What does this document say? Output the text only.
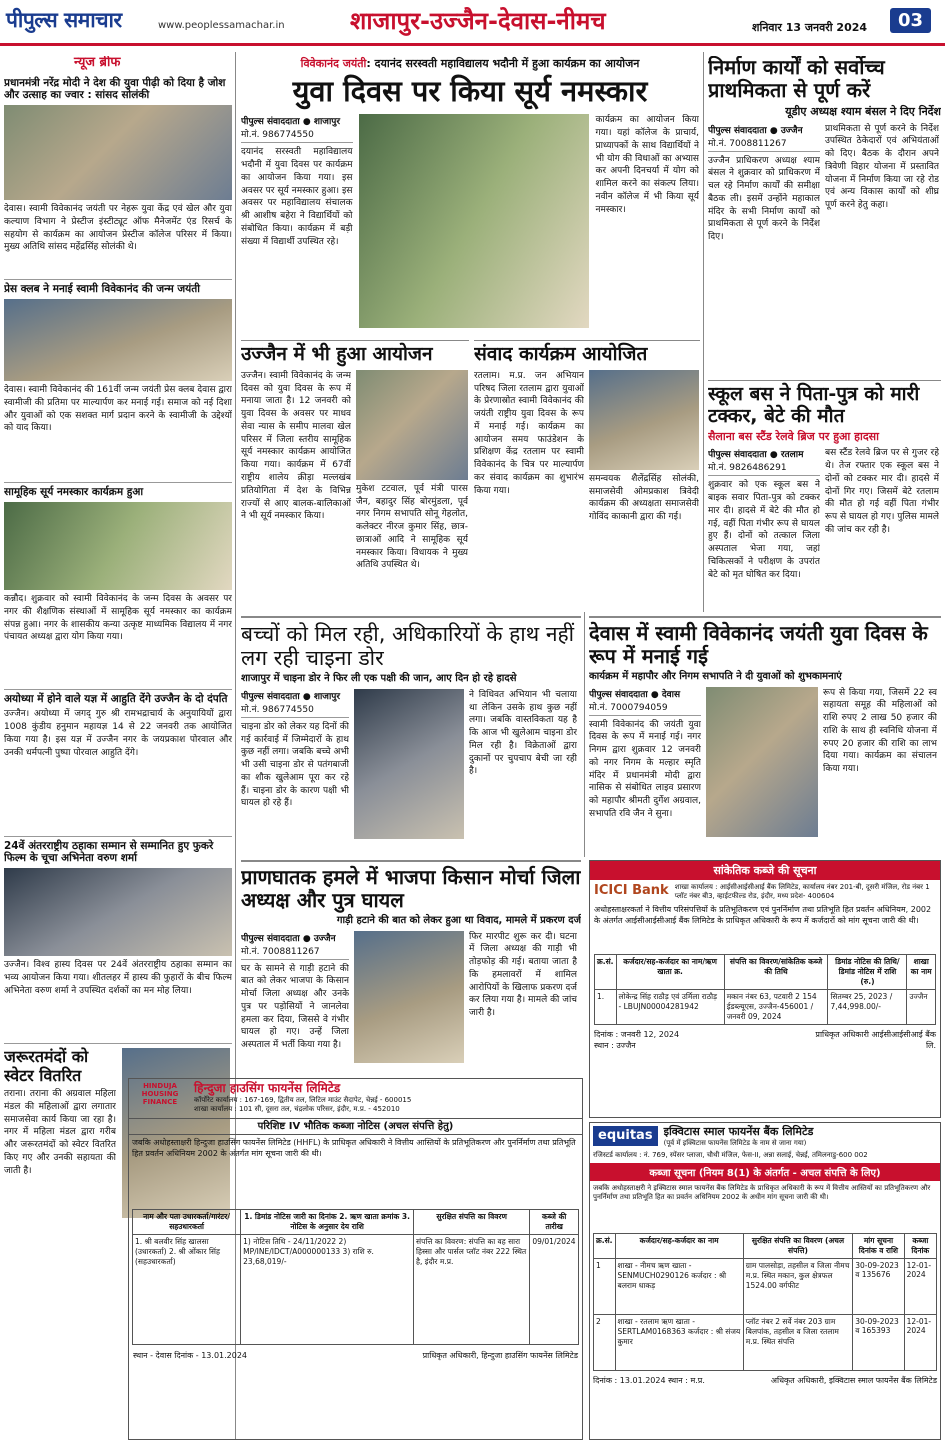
पीपुल्स समाचार	www.peoplessamachar.in	शाजापुर-उज्जैन-देवास-नीमच	शनिवार 13 जनवरी 2024	03
न्यूज ब्रीफ
प्रधानमंत्री नरेंद्र मोदी ने देश की युवा पीढ़ी को दिया है जोश और उत्साह का ज्वार : सांसद सोलंकी
देवास। स्वामी विवेकानंद जयंती पर नेहरू युवा केंद्र एवं खेल और युवा कल्याण विभाग ने प्रेस्टीज इंस्टीट्यूट ऑफ मैनेजमेंट एंड रिसर्च के सहयोग से कार्यक्रम का आयोजन प्रेस्टीज कॉलेज परिसर में किया। मुख्य अतिथि सांसद महेंद्रसिंह सोलंकी थे।
प्रेस क्लब ने मनाई स्वामी विवेकानंद की जन्म जयंती
देवास। स्वामी विवेकानंद की 161वीं जन्म जयंती प्रेस क्लब देवास द्वारा स्वामीजी की प्रतिमा पर माल्यार्पण कर मनाई गई। समाज को नई दिशा और युवाओं को एक सशक्त मार्ग प्रदान करने के स्वामीजी के उद्देश्यों को याद किया।
सामूहिक सूर्य नमस्कार कार्यक्रम हुआ
कन्नौद। शुक्रवार को स्वामी विवेकानंद के जन्म दिवस के अवसर पर नगर की शैक्षणिक संस्थाओं में सामूहिक सूर्य नमस्कार का कार्यक्रम संपन्न हुआ। नगर के शासकीय कन्या उत्कृष्ट माध्यमिक विद्यालय में नगर पंचायत अध्यक्ष द्वारा योग किया गया।
अयोध्या में होने वाले यज्ञ में आहुति देंगे उज्जैन के दो दंपति
उज्जैन। अयोध्या में जगद् गुरु श्री रामभद्राचार्य के अनुयायियों द्वारा 1008 कुंडीय हनुमान महायज्ञ 14 से 22 जनवरी तक आयोजित किया गया है। इस यज्ञ में उज्जैन नगर के जयप्रकाश पोरवाल और उनकी धर्मपत्नी पुष्पा पोरवाल आहुति देंगे।
24वें अंतरराष्ट्रीय ठहाका सम्मान से सम्मानित हुए फुकरे फिल्म के चूचा अभिनेता वरुण शर्मा
उज्जैन। विश्व हास्य दिवस पर 24वें अंतरराष्ट्रीय ठहाका सम्मान का भव्य आयोजन किया गया। शीतलहर में हास्य की फुहारों के बीच फिल्म अभिनेता वरुण शर्मा ने उपस्थित दर्शकों का मन मोह लिया।
जरूरतमंदों को स्वेटर वितरित
तराना। तराना की अग्रवाल महिला मंडल की महिलाओं द्वारा लगातार समाजसेवा कार्य किया जा रहा है। नगर में महिला मंडल द्वारा गरीब और जरूरतमंदों को स्वेटर वितरित किए गए और उनकी सहायता की जाती है।
विवेकानंद जयंती: दयानंद सरस्वती महाविद्यालय भदौनी में हुआ कार्यक्रम का आयोजन
युवा दिवस पर किया सूर्य नमस्कार
पीपुल्स संवाददाता ● शाजापुर
मो.नं. 986774550
दयानंद सरस्वती महाविद्यालय भदौनी में युवा दिवस पर कार्यक्रम का आयोजन किया गया। इस अवसर पर सूर्य नमस्कार हुआ। इस अवसर पर महाविद्यालय संचालक श्री आशीष बहेरा ने विद्यार्थियों को संबोधित किया। कार्यक्रम में बड़ी संख्या में विद्यार्थी उपस्थित रहे।
कार्यक्रम का आयोजन किया गया। यहां कॉलेज के प्राचार्य, प्राध्यापकों के साथ विद्यार्थियों ने भी योग की विधाओं का अभ्यास कर अपनी दिनचर्या में योग को शामिल करने का संकल्प लिया। नवीन कॉलेज में भी किया सूर्य नमस्कार।
उज्जैन में भी हुआ आयोजन
उज्जैन। स्वामी विवेकानंद के जन्म दिवस को युवा दिवस के रूप में मनाया जाता है। 12 जनवरी को युवा दिवस के अवसर पर माधव सेवा न्यास के समीप मालवा खेल परिसर में जिला स्तरीय सामूहिक सूर्य नमस्कार कार्यक्रम आयोजित किया गया। कार्यक्रम में 67वीं राष्ट्रीय शालेय क्रीड़ा मल्लखंब प्रतियोगिता में देश के विभिन्न राज्यों से आए बालक-बालिकाओं ने भी सूर्य नमस्कार किया।
मुकेश टटवाल, पूर्व मंत्री पारस जैन, बहादुर सिंह बोरमुंडला, पूर्व नगर निगम सभापति सोनू गेहलोत, कलेक्टर नीरज कुमार सिंह, छात्र-छात्राओं आदि ने सामूहिक सूर्य नमस्कार किया। विधायक ने मुख्य अतिथि उपस्थित थे।
संवाद कार्यक्रम आयोजित
रतलाम। म.प्र. जन अभियान परिषद जिला रतलाम द्वारा युवाओं के प्रेरणास्रोत स्वामी विवेकानंद की जयंती राष्ट्रीय युवा दिवस के रूप में मनाई गई। कार्यक्रम का आयोजन समय फाउंडेशन के प्रशिक्षण केंद्र रतलाम पर स्वामी विवेकानंद के चित्र पर माल्यार्पण कर संवाद कार्यक्रम का शुभारंभ किया गया।
समन्वयक शैलेंद्रसिंह सोलंकी, समाजसेवी ओमप्रकाश त्रिवेदी कार्यक्रम की अध्यक्षता समाजसेवी गोविंद काकानी द्वारा की गई।
निर्माण कार्यों को सर्वोच्च प्राथमिकता से पूर्ण करें
यूडीए अध्यक्ष श्याम बंसल ने दिए निर्देश
पीपुल्स संवाददाता ● उज्जैन
मो.नं. 7008811267
उज्जैन प्राधिकरण अध्यक्ष श्याम बंसल ने शुक्रवार को प्राधिकरण में चल रहे निर्माण कार्यों की समीक्षा बैठक ली। इसमें उन्होंने महाकाल मंदिर के सभी निर्माण कार्यों को प्राथमिकता से पूर्ण करने के निर्देश दिए।
प्राथमिकता से पूर्ण करने के निर्देश उपस्थित ठेकेदारों एवं अभियंताओं को दिए। बैठक के दौरान अपने त्रिवेणी विहार योजना में प्रस्तावित योजना में निर्माण किया जा रहे रोड एवं अन्य विकास कार्यों को शीघ्र पूर्ण करने हेतु कहा।
स्कूल बस ने पिता-पुत्र को मारी टक्कर, बेटे की मौत
सैलाना बस स्टैंड रेलवे ब्रिज पर हुआ हादसा
पीपुल्स संवाददाता ● रतलाम
मो.नं. 9826486291
शुक्रवार को एक स्कूल बस ने बाइक सवार पिता-पुत्र को टक्कर मार दी। हादसे में बेटे की मौत हो गई, वहीं पिता गंभीर रूप से घायल हुए हैं। दोनों को तत्काल जिला अस्पताल भेजा गया, जहां चिकित्सकों ने परीक्षण के उपरांत बेटे को मृत घोषित कर दिया।
बस स्टैंड रेलवे ब्रिज पर से गुजर रहे थे। तेज रफ्तार एक स्कूल बस ने दोनों को टक्कर मार दी। हादसे में दोनों गिर गए। जिसमें बेटे रतलाम की मौत हो गई वहीं पिता गंभीर रूप से घायल हो गए। पुलिस मामले की जांच कर रही है।
बच्चों को मिल रही, अधिकारियों के हाथ नहीं लग रही चाइना डोर
शाजापुर में चाइना डोर ने फिर ली एक पक्षी की जान, आए दिन हो रहे हादसे
पीपुल्स संवाददाता ● शाजापुर
मो.नं. 986774550
चाइना डोर को लेकर यह दिनों की गई कार्रवाई में जिम्मेदारों के हाथ कुछ नहीं लगा। जबकि बच्चे अभी भी उसी चाइना डोर से पतंगबाजी का शौक खुलेआम पूरा कर रहे हैं। चाइना डोर के कारण पक्षी भी घायल हो रहे हैं।
ने विधिवत अभियान भी चलाया था लेकिन उसके हाथ कुछ नहीं लगा। जबकि वास्तविकता यह है कि आज भी खुलेआम चाइना डोर मिल रही है। विक्रेताओं द्वारा दुकानों पर चुपचाप बेची जा रही है।
देवास में स्वामी विवेकानंद जयंती युवा दिवस के रूप में मनाई गई
कार्यक्रम में महापौर और निगम सभापति ने दी युवाओं को शुभकामनाएं
पीपुल्स संवाददाता ● देवास
मो.नं. 7000794059
स्वामी विवेकानंद की जयंती युवा दिवस के रूप में मनाई गई। नगर निगम द्वारा शुक्रवार 12 जनवरी को नगर निगम के मल्हार स्मृति मंदिर में प्रधानमंत्री मोदी द्वारा नासिक से संबोधित लाइव प्रसारण को महापौर श्रीमती दुर्गेश अग्रवाल, सभापति रवि जैन ने सुना।
रूप से किया गया, जिसमें 22 स्व सहायता समूह की महिलाओं को राशि रुपए 2 लाख 50 हजार की राशि के साथ ही स्वनिधि योजना में रुपए 20 हजार की राशि का लाभ दिया गया। कार्यक्रम का संचालन किया गया।
प्राणघातक हमले में भाजपा किसान मोर्चा जिला अध्यक्ष और पुत्र घायल
गाड़ी हटाने की बात को लेकर हुआ था विवाद, मामले में प्रकरण दर्ज
पीपुल्स संवाददाता ● उज्जैन
मो.नं. 7008811267
घर के सामने से गाड़ी हटाने की बात को लेकर भाजपा के किसान मोर्चा जिला अध्यक्ष और उनके पुत्र पर पड़ोसियों ने जानलेवा हमला कर दिया, जिससे वे गंभीर घायल हो गए। उन्हें जिला अस्पताल में भर्ती किया गया है।
फिर मारपीट शुरू कर दी। घटना में जिला अध्यक्ष की गाड़ी भी तोड़फोड़ की गई। बताया जाता है कि हमलावरों में शामिल आरोपियों के खिलाफ प्रकरण दर्ज कर लिया गया है। मामले की जांच जारी है।
सांकेतिक कब्जे की सूचना
ICICI Bank शाखा कार्यालय : आईसीआईसीआई बैंक लिमिटेड, कार्यालय नंबर 201-बी, दूसरी मंजिल, रोड नंबर 1 प्लॉट नंबर बी3, व्हाईटफील्ड रोड, इंदौर, मध्य प्रदेश- 400604
अधोहस्ताक्षरकर्ता ने वित्तीय परिसंपत्तियों के प्रतिभूतिकरण एवं पुनर्निर्माण तथा प्रतिभूति हित प्रवर्तन अधिनियम, 2002 के अंतर्गत आईसीआईसीआई बैंक लिमिटेड के प्राधिकृत अधिकारी के रूप में कर्जदारों को मांग सूचना जारी की थी।
क्र.सं.	कर्जदार/सह-कर्जदार का नाम/ऋण खाता क्र.	संपत्ति का विवरण/सांकेतिक कब्जे की तिथि	डिमांड नोटिस की तिथि/डिमांड नोटिस में राशि (रु.)	शाखा का नाम
1.	लोकेन्द्र सिंह राठौड़ एवं उर्मिला राठौड़ - LBUJN00004281942	मकान नंबर 63, पटवारी 2 154 ईडब्ल्यूएस, उज्जैन-456001 / जनवरी 09, 2024	सितम्बर 25, 2023 / 7,44,998.00/-	उज्जैन
दिनांक : जनवरी 12, 2024
स्थान : उज्जैन
प्राधिकृत अधिकारी आईसीआईसीआई बैंक लि.
HINDUJA HOUSING FINANCE
हिन्दुजा हाउसिंग फायनेंस लिमिटेड
कॉर्पोरेट कार्यालय : 167-169, द्वितीय तल, लिटिल माउंट सैदापेट, चेन्नई - 600015
शाखा कार्यालय : 101 सी, दूसरा तल, चंद्रलोक परिसर, इंदौर, म.प्र. - 452010
परिशिष्ट IV भौतिक कब्जा नोटिस (अचल संपत्ति हेतु)
जबकि अधोहस्ताक्षरी हिन्दुजा हाउसिंग फायनेंस लिमिटेड (HHFL) के प्राधिकृत अधिकारी ने वित्तीय आस्तियों के प्रतिभूतिकरण और पुनर्निर्माण तथा प्रतिभूति हित प्रवर्तन अधिनियम 2002 के अंतर्गत मांग सूचना जारी की थी।
नाम और पता उधारकर्ता/गारंटर/सहउधारकर्ता	1. डिमांड नोटिस जारी का दिनांक 2. ऋण खाता क्रमांक 3. नोटिस के अनुसार देय राशि	सुरक्षित संपत्ति का विवरण	कब्जे की तारीख
1. श्री बलवीर सिंह खालसा (उधारकर्ता) 2. श्री ओंकार सिंह (सहउधारकर्ता)	1) नोटिस तिथि - 24/11/2022 2) MP/INE/IDCT/A000000133 3) राशि रु. 23,68,019/-	संपत्ति का विवरण: संपत्ति का वह सारा हिस्सा और पार्सल प्लॉट नंबर 222 स्थित है, इंदौर म.प्र.	09/01/2024
स्थान - देवास दिनांक - 13.01.2024	प्राधिकृत अधिकारी, हिन्दुजा हाउसिंग फायनेंस लिमिटेड
equitas	इक्विटास स्माल फायनेंस बैंक लिमिटेड
(पूर्व में इक्विटास फायनेंस लिमिटेड के नाम से जाना गया)
रजिस्टर्ड कार्यालय : नं. 769, स्पेंसर प्लाजा, चौथी मंजिल, फेस-II, अन्ना सलाई, चेन्नई, तमिलनाडु-600 002
कब्जा सूचना (नियम 8(1) के अंतर्गत - अचल संपत्ति के लिए)
जबकि अधोहस्ताक्षरी ने इक्विटास स्माल फायनेंस बैंक लिमिटेड के प्राधिकृत अधिकारी के रूप में वित्तीय आस्तियों का प्रतिभूतिकरण और पुनर्निर्माण तथा प्रतिभूति हित का प्रवर्तन अधिनियम 2002 के अधीन मांग सूचना जारी की थी।
क्र.सं.	कर्जदार/सह-कर्जदार का नाम	सुरक्षित संपत्ति का विवरण (अचल संपत्ति)	मांग सूचना दिनांक व राशि	कब्जा दिनांक
1	शाखा - नीमच ऋण खाता - SENMUCH0290126 कर्जदार : श्री बलराम धाकड़	ग्राम पालसोड़ा, तहसील व जिला नीमच म.प्र. स्थित मकान, कुल क्षेत्रफल 1524.00 वर्गफीट	30-09-2023 व 135676	12-01-2024
2	शाखा - रतलाम ऋण खाता - SERTLAM0168363 कर्जदार : श्री संजय कुमार	प्लॉट नंबर 2 सर्वे नंबर 203 ग्राम बिलपांक, तहसील व जिला रतलाम म.प्र. स्थित संपत्ति	30-09-2023 व 165393	12-01-2024
दिनांक : 13.01.2024 स्थान : म.प्र.	अधिकृत अधिकारी, इक्विटास स्माल फायनेंस बैंक लिमिटेड
